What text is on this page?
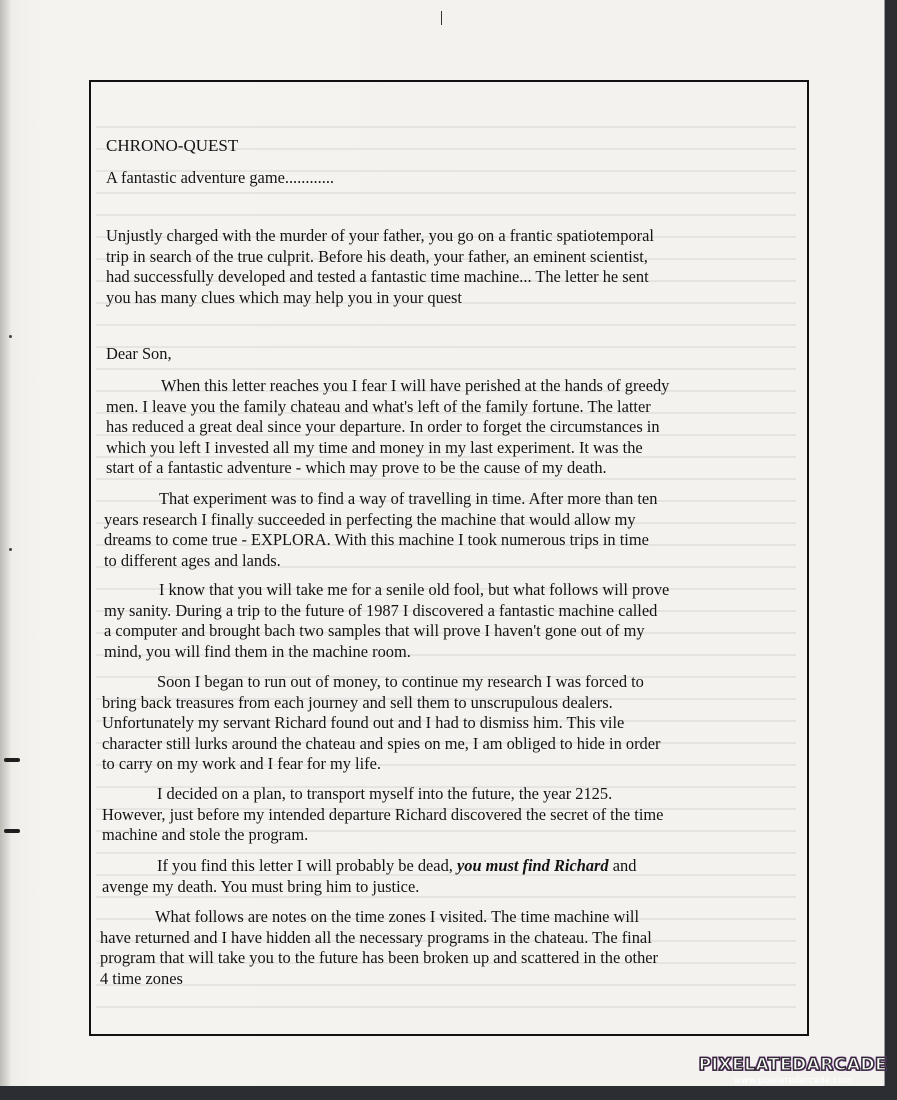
CHRONO-QUEST
A fantastic adventure game............
Unjustly charged with the murder of your father, you go on a frantic spatiotemporal
trip in search of the true culprit. Before his death, your father, an eminent scientist,
had successfully developed and tested a fantastic time machine... The letter he sent
you has many clues which may help you in your quest
Dear Son,
When this letter reaches you I fear I will have perished at the hands of greedy
men. I leave you the family chateau and what's left of the family fortune. The latter
has reduced a great deal since your departure. In order to forget the circumstances in
which you left I invested all my time and money in my last experiment. It was the
start of a fantastic adventure - which may prove to be the cause of my death.
That experiment was to find a way of travelling in time. After more than ten
years research I finally succeeded in perfecting the machine that would allow my
dreams to come true - EXPLORA. With this machine I took numerous trips in time
to different ages and lands.
I know that you will take me for a senile old fool, but what follows will prove
my sanity. During a trip to the future of 1987 I discovered a fantastic machine called
a computer and brought bach two samples that will prove I haven't gone out of my
mind, you will find them in the machine room.
Soon I began to run out of money, to continue my research I was forced to
bring back treasures from each journey and sell them to unscrupulous dealers.
Unfortunately my servant Richard found out and I had to dismiss him. This vile
character still lurks around the chateau and spies on me, I am obliged to hide in order
to carry on my work and I fear for my life.
I decided on a plan, to transport myself into the future, the year 2125.
However, just before my intended departure Richard discovered the secret of the time
machine and stole the program.
If you find this letter I will probably be dead, you must find Richard and
avenge my death. You must bring him to justice.
What follows are notes on the time zones I visited. The time machine will
have returned and I have hidden all the necessary programs in the chateau. The final
program that will take you to the future has been broken up and scattered in the other
4 time zones
PIXELATEDARCADE
www.pixelatedarcade.com
